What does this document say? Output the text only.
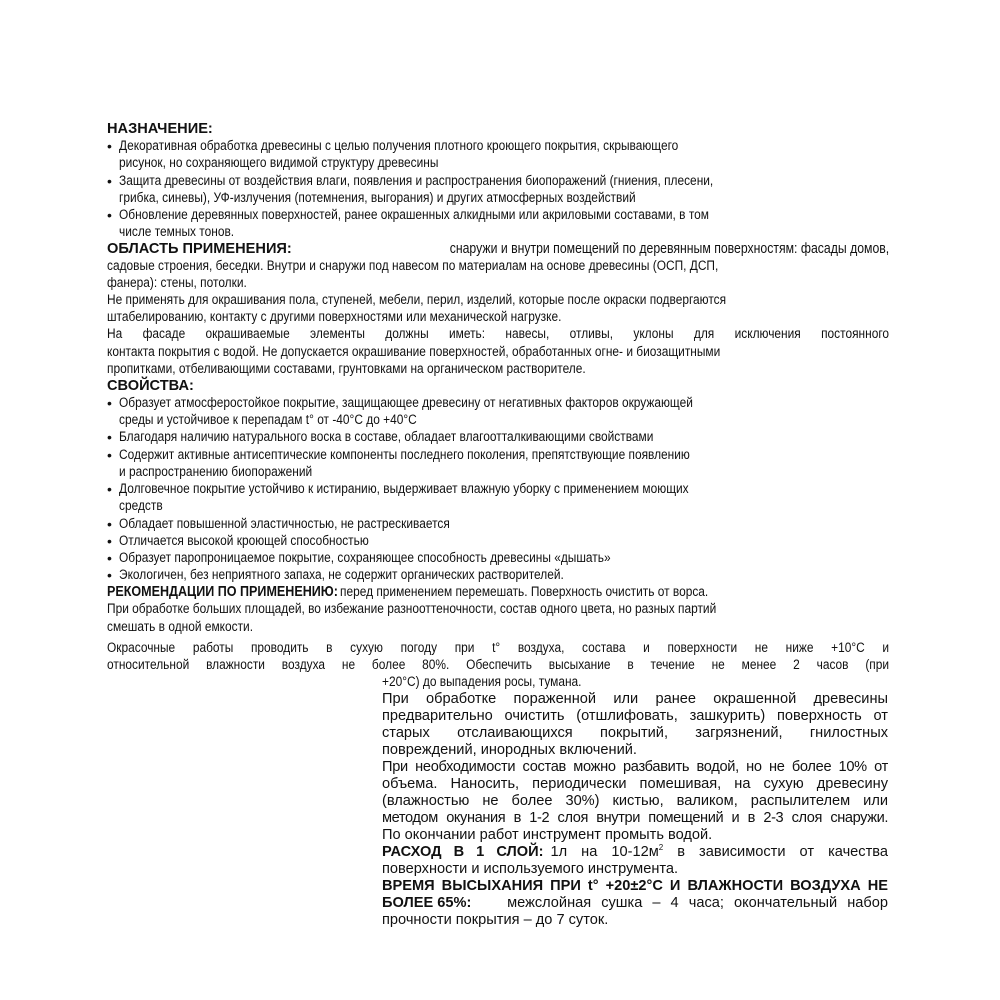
НАЗНАЧЕНИЕ:
• Декоративная обработка древесины с целью получения плотного кроющего покрытия, скрывающего
рисунок, но сохраняющего видимой структуру древесины
• Защита древесины от воздействия влаги, появления и распространения биопоражений (гниения, плесени,
грибка, синевы), УФ-излучения (потемнения, выгорания) и других атмосферных воздействий
• Обновление деревянных поверхностей, ранее окрашенных алкидными или акриловыми составами, в том
числе темных тонов.
ОБЛАСТЬ ПРИМЕНЕНИЯ:	снаружи и внутри помещений по деревянным поверхностям: фасады домов,
садовые строения, беседки. Внутри и снаружи под навесом по материалам на основе древесины (ОСП, ДСП,
фанера): стены, потолки.
Не применять для окрашивания пола, ступеней, мебели, перил, изделий, которые после окраски подвергаются
штабелированию, контакту с другими поверхностями или механической нагрузке.
На фасаде окрашиваемые элементы должны иметь: навесы, отливы, уклоны для исключения постоянного
контакта покрытия с водой. Не допускается окрашивание поверхностей, обработанных огне- и биозащитными
пропитками, отбеливающими составами, грунтовками на органическом растворителе.
СВОЙСТВА:
• Образует атмосферостойкое покрытие, защищающее древесину от негативных факторов окружающей
среды и устойчивое к перепадам t° от -40°C до +40°C
• Благодаря наличию натурального воска в составе, обладает влагоотталкивающими свойствами
• Содержит активные антисептические компоненты последнего поколения, препятствующие появлению
и распространению биопоражений
• Долговечное покрытие устойчиво к истиранию, выдерживает влажную уборку с применением моющих
средств
• Обладает повышенной эластичностью, не растрескивается
• Отличается высокой кроющей способностью
• Образует паропроницаемое покрытие, сохраняющее способность древесины «дышать»
• Экологичен, без неприятного запаха, не содержит органических растворителей.
РЕКОМЕНДАЦИИ ПО ПРИМЕНЕНИЮ: перед применением перемешать. Поверхность очистить от ворса.
При обработке больших площадей, во избежание разнооттеночности, состав одного цвета, но разных партий
смешать в одной емкости.
Окрасочные работы проводить в сухую погоду при t° воздуха, состава и поверхности не ниже +10°C и
относительной влажности воздуха не более 80%. Обеспечить высыхание в течение не менее 2 часов (при
+20°C) до выпадения росы, тумана.
При обработке пораженной или ранее окрашенной древесины
предварительно очистить (отшлифовать, зашкурить) поверхность от
старых отслаивающихся покрытий, загрязнений, гнилостных
повреждений, инородных включений.
При необходимости состав можно разбавить водой, но не более 10% от
объема. Наносить, периодически помешивая, на сухую древесину
(влажностью не более 30%) кистью, валиком, распылителем или
методом окунания в 1-2 слоя внутри помещений и в 2-3 слоя снаружи.
По окончании работ инструмент промыть водой.
РАСХОД В 1 СЛОЙ: 1л на $10-12м^2$ в зависимости от качества
поверхности и используемого инструмента.
ВРЕМЯ ВЫСЫХАНИЯ ПРИ t° +20±2°C И ВЛАЖНОСТИ ВОЗДУХА НЕ
БОЛЕЕ 65%: межслойная сушка – 4 часа; окончательный набор
прочности покрытия – до 7 суток.
